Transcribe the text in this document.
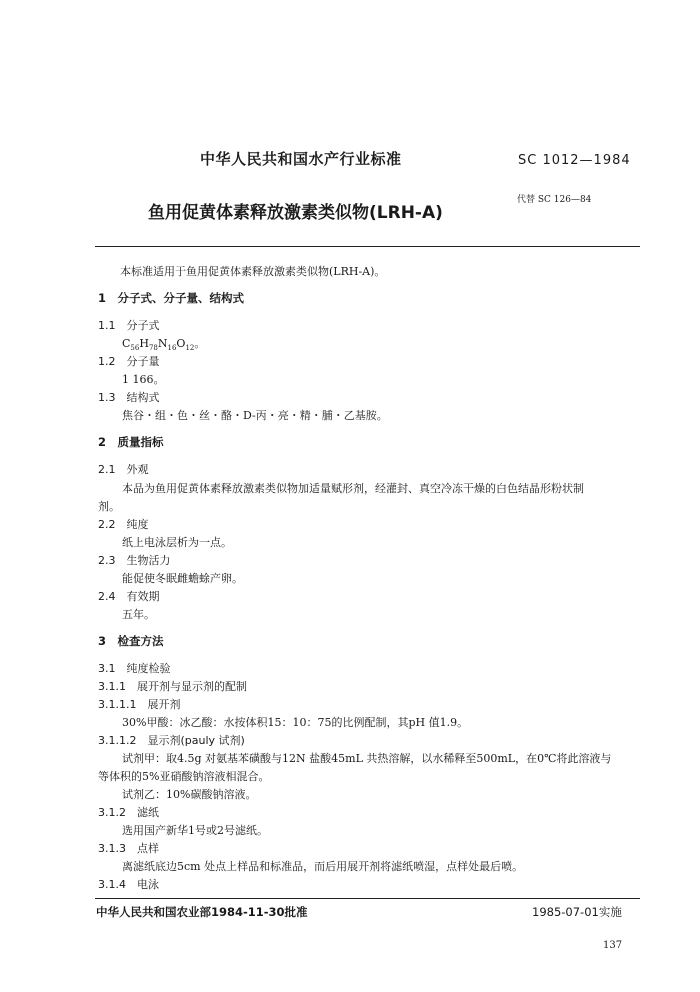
中华人民共和国水产行业标准	SC 1012—1984
鱼用促黄体素释放激素类似物(LRH-A)
代替 SC 126—84
本标准适用于鱼用促黄体素释放激素类似物(LRH-A)。
1　分子式、分子量、结构式
1.1　分子式
$C_{56}H_{78}N_{16}O_{12}$。
1.2　分子量
1 166。
1.3　结构式
焦谷・组・色・丝・酪・D-丙・亮・精・脯・乙基胺。
2　质量指标
2.1　外观
本品为鱼用促黄体素释放激素类似物加适量赋形剂，经灌封、真空冷冻干燥的白色结晶形粉状制
剂。
2.2　纯度
纸上电泳层析为一点。
2.3　生物活力
能促使冬眠雌蟾蜍产卵。
2.4　有效期
五年。
3　检查方法
3.1　纯度检验
3.1.1　展开剂与显示剂的配制
3.1.1.1　展开剂
30%甲酸：冰乙酸：水按体积15：10：75的比例配制，其pH 值1.9。
3.1.1.2　显示剂(pauly 试剂)
试剂甲：取4.5g 对氨基苯磺酸与12N 盐酸45mL 共热溶解，以水稀释至500mL，在0℃将此溶液与
等体积的5%亚硝酸钠溶液相混合。
试剂乙：10%碳酸钠溶液。
3.1.2　滤纸
选用国产新华1号或2号滤纸。
3.1.3　点样
离滤纸底边5cm 处点上样品和标准品，而后用展开剂将滤纸喷湿，点样处最后喷。
3.1.4　电泳
中华人民共和国农业部1984-11-30批准	1985-07-01实施
137
